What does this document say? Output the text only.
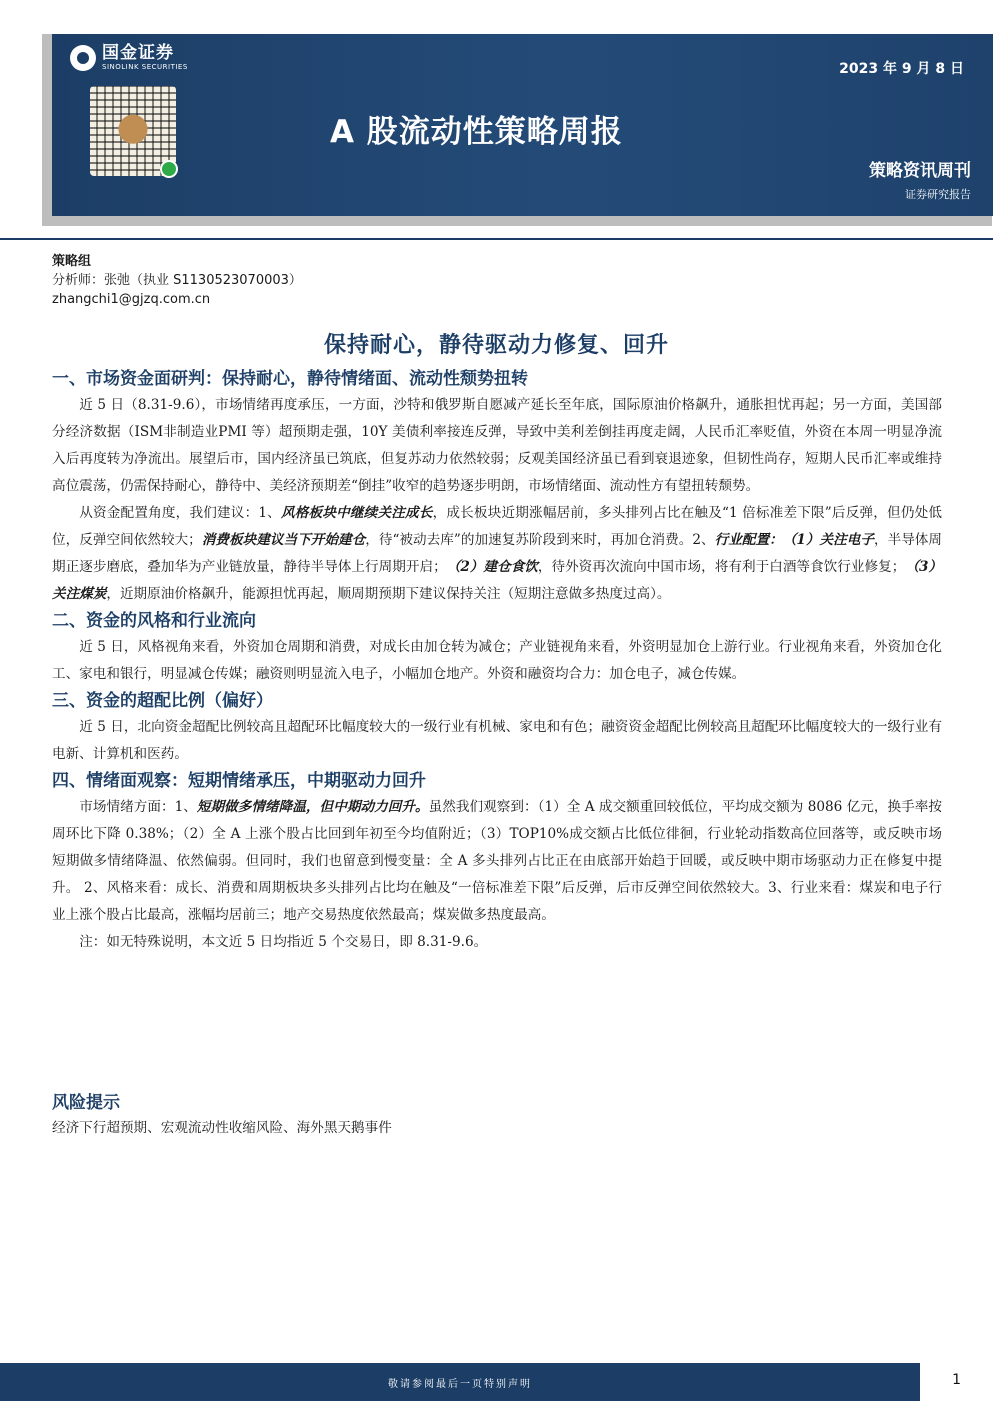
国金证券
SINOLINK SECURITIES	2023 年 9 月 8 日
A 股流动性策略周报
策略资讯周刊
证券研究报告
策略组
分析师：张弛（执业 S1130523070003）
zhangchi1@gjzq.com.cn
保持耐心，静待驱动力修复、回升
一、市场资金面研判：保持耐心，静待情绪面、流动性颓势扭转

近 5 日（8.31-9.6），市场情绪再度承压，一方面，沙特和俄罗斯自愿减产延长至年底，国际原油价格飙升，通胀担忧再起；另一方面，美国部分经济数据（ISM非制造业PMI 等）超预期走强，10Y 美债利率接连反弹，导致中美利差倒挂再度走阔，人民币汇率贬值，外资在本周一明显净流入后再度转为净流出。展望后市，国内经济虽已筑底，但复苏动力依然较弱；反观美国经济虽已看到衰退迹象，但韧性尚存，短期人民币汇率或维持高位震荡，仍需保持耐心，静待中、美经济预期差“倒挂”收窄的趋势逐步明朗，市场情绪面、流动性方有望扭转颓势。

从资金配置角度，我们建议：1、风格板块中继续关注成长，成长板块近期涨幅居前，多头排列占比在触及“1 倍标准差下限”后反弹，但仍处低位，反弹空间依然较大；消费板块建议当下开始建仓，待“被动去库”的加速复苏阶段到来时，再加仓消费。2、行业配置：（1）关注电子，半导体周期正逐步磨底，叠加华为产业链放量，静待半导体上行周期开启；（2）建仓食饮，待外资再次流向中国市场，将有利于白酒等食饮行业修复；（3）关注煤炭，近期原油价格飙升，能源担忧再起，顺周期预期下建议保持关注（短期注意做多热度过高）。

二、资金的风格和行业流向

近 5 日，风格视角来看，外资加仓周期和消费，对成长由加仓转为减仓；产业链视角来看，外资明显加仓上游行业。行业视角来看，外资加仓化工、家电和银行，明显减仓传媒；融资则明显流入电子，小幅加仓地产。外资和融资均合力：加仓电子，减仓传媒。

三、资金的超配比例（偏好）

近 5 日，北向资金超配比例较高且超配环比幅度较大的一级行业有机械、家电和有色；融资资金超配比例较高且超配环比幅度较大的一级行业有电新、计算机和医药。

四、情绪面观察：短期情绪承压，中期驱动力回升

市场情绪方面：1、短期做多情绪降温，但中期动力回升。虽然我们观察到：（1）全 A 成交额重回较低位，平均成交额为 8086 亿元，换手率按周环比下降 0.38%；（2）全 A 上涨个股占比回到年初至今均值附近；（3）TOP10%成交额占比低位徘徊，行业轮动指数高位回落等，或反映市场短期做多情绪降温、依然偏弱。但同时，我们也留意到慢变量：全 A 多头排列占比正在由底部开始趋于回暖，或反映中期市场驱动力正在修复中提升。 2、风格来看：成长、消费和周期板块多头排列占比均在触及“一倍标准差下限”后反弹，后市反弹空间依然较大。3、行业来看：煤炭和电子行业上涨个股占比最高，涨幅均居前三；地产交易热度依然最高；煤炭做多热度最高。

注：如无特殊说明，本文近 5 日均指近 5 个交易日，即 8.31-9.6。

风险提示
经济下行超预期、宏观流动性收缩风险、海外黑天鹅事件
敬请参阅最后一页特别声明	1
